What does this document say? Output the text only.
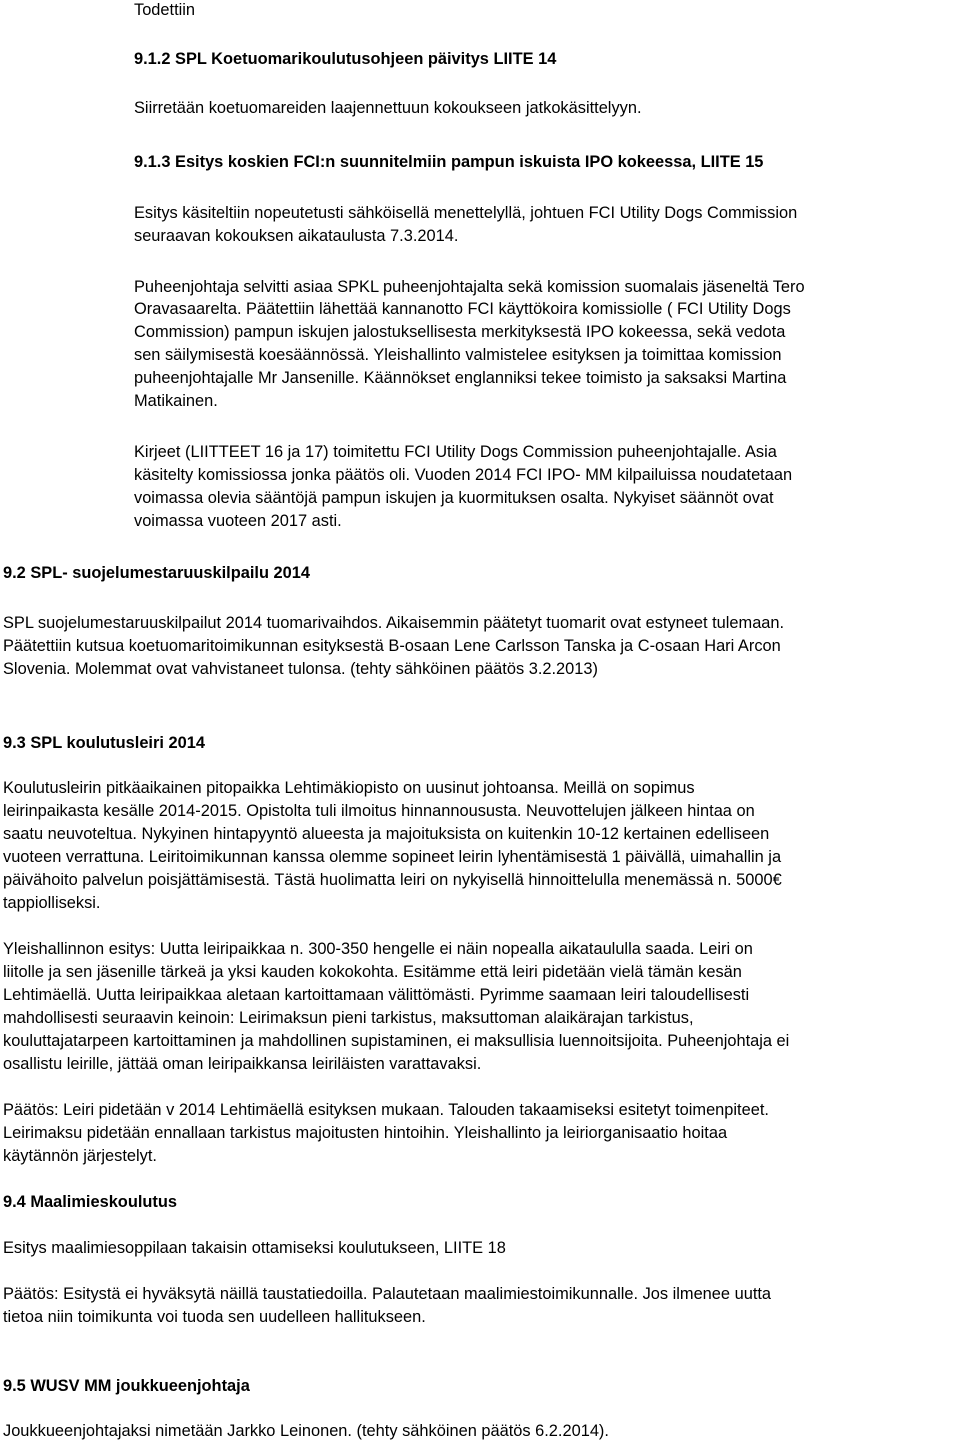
Todettiin

9.1.2 SPL Koetuomarikoulutusohjeen päivitys LIITE 14

Siirretään koetuomareiden laajennettuun kokoukseen jatkokäsittelyyn.

9.1.3 Esitys koskien FCI:n suunnitelmiin pampun iskuista IPO kokeessa, LIITE 15

Esitys käsiteltiin nopeutetusti sähköisellä menettelyllä, johtuen FCI Utility Dogs Commission

seuraavan kokouksen aikataulusta 7.3.2014.

Puheenjohtaja selvitti asiaa SPKL puheenjohtajalta sekä komission suomalais jäseneltä Tero

Oravasaarelta. Päätettiin lähettää kannanotto FCI käyttökoira komissiolle ( FCI Utility Dogs

Commission) pampun iskujen jalostuksellisesta merkityksestä IPO kokeessa, sekä vedota

sen säilymisestä koesäännössä. Yleishallinto valmistelee esityksen ja toimittaa komission

puheenjohtajalle Mr Jansenille. Käännökset englanniksi tekee toimisto ja saksaksi Martina

Matikainen.

Kirjeet (LIITTEET 16 ja 17) toimitettu FCI Utility Dogs Commission puheenjohtajalle. Asia

käsitelty komissiossa jonka päätös oli. Vuoden 2014 FCI IPO- MM kilpailuissa noudatetaan

voimassa olevia sääntöjä pampun iskujen ja kuormituksen osalta. Nykyiset säännöt ovat

voimassa vuoteen 2017 asti.

9.2 SPL- suojelumestaruuskilpailu 2014

SPL suojelumestaruuskilpailut 2014 tuomarivaihdos. Aikaisemmin päätetyt tuomarit ovat estyneet tulemaan.

Päätettiin kutsua koetuomaritoimikunnan esityksestä B-osaan Lene Carlsson Tanska ja C-osaan Hari Arcon

Slovenia. Molemmat ovat vahvistaneet tulonsa. (tehty sähköinen päätös 3.2.2013)

9.3 SPL koulutusleiri 2014

Koulutusleirin pitkäaikainen pitopaikka Lehtimäkiopisto on uusinut johtoansa. Meillä on sopimus

leirinpaikasta kesälle 2014-2015. Opistolta tuli ilmoitus hinnannoususta. Neuvottelujen jälkeen hintaa on

saatu neuvoteltua. Nykyinen hintapyyntö alueesta ja majoituksista on kuitenkin 10-12 kertainen edelliseen

vuoteen verrattuna. Leiritoimikunnan kanssa olemme sopineet leirin lyhentämisestä 1 päivällä, uimahallin ja

päivähoito palvelun poisjättämisestä. Tästä huolimatta leiri on nykyisellä hinnoittelulla menemässä n. 5000€

tappiolliseksi.

Yleishallinnon esitys: Uutta leiripaikkaa n. 300-350 hengelle ei näin nopealla aikataululla saada. Leiri on

liitolle ja sen jäsenille tärkeä ja yksi kauden kokokohta. Esitämme että leiri pidetään vielä tämän kesän

Lehtimäellä. Uutta leiripaikkaa aletaan kartoittamaan välittömästi. Pyrimme saamaan leiri taloudellisesti

mahdollisesti seuraavin keinoin: Leirimaksun pieni tarkistus, maksuttoman alaikärajan tarkistus,

kouluttajatarpeen kartoittaminen ja mahdollinen supistaminen, ei maksullisia luennoitsijoita. Puheenjohtaja ei

osallistu leirille, jättää oman leiripaikkansa leiriläisten varattavaksi.

Päätös: Leiri pidetään v 2014 Lehtimäellä esityksen mukaan. Talouden takaamiseksi esitetyt toimenpiteet.

Leirimaksu pidetään ennallaan tarkistus majoitusten hintoihin. Yleishallinto ja leiriorganisaatio hoitaa

käytännön järjestelyt.

9.4 Maalimieskoulutus

Esitys maalimiesoppilaan takaisin ottamiseksi koulutukseen, LIITE 18

Päätös: Esitystä ei hyväksytä näillä taustatiedoilla. Palautetaan maalimiestoimikunnalle. Jos ilmenee uutta

tietoa niin toimikunta voi tuoda sen uudelleen hallitukseen.

9.5 WUSV MM joukkueenjohtaja

Joukkueenjohtajaksi nimetään Jarkko Leinonen. (tehty sähköinen päätös 6.2.2014).
